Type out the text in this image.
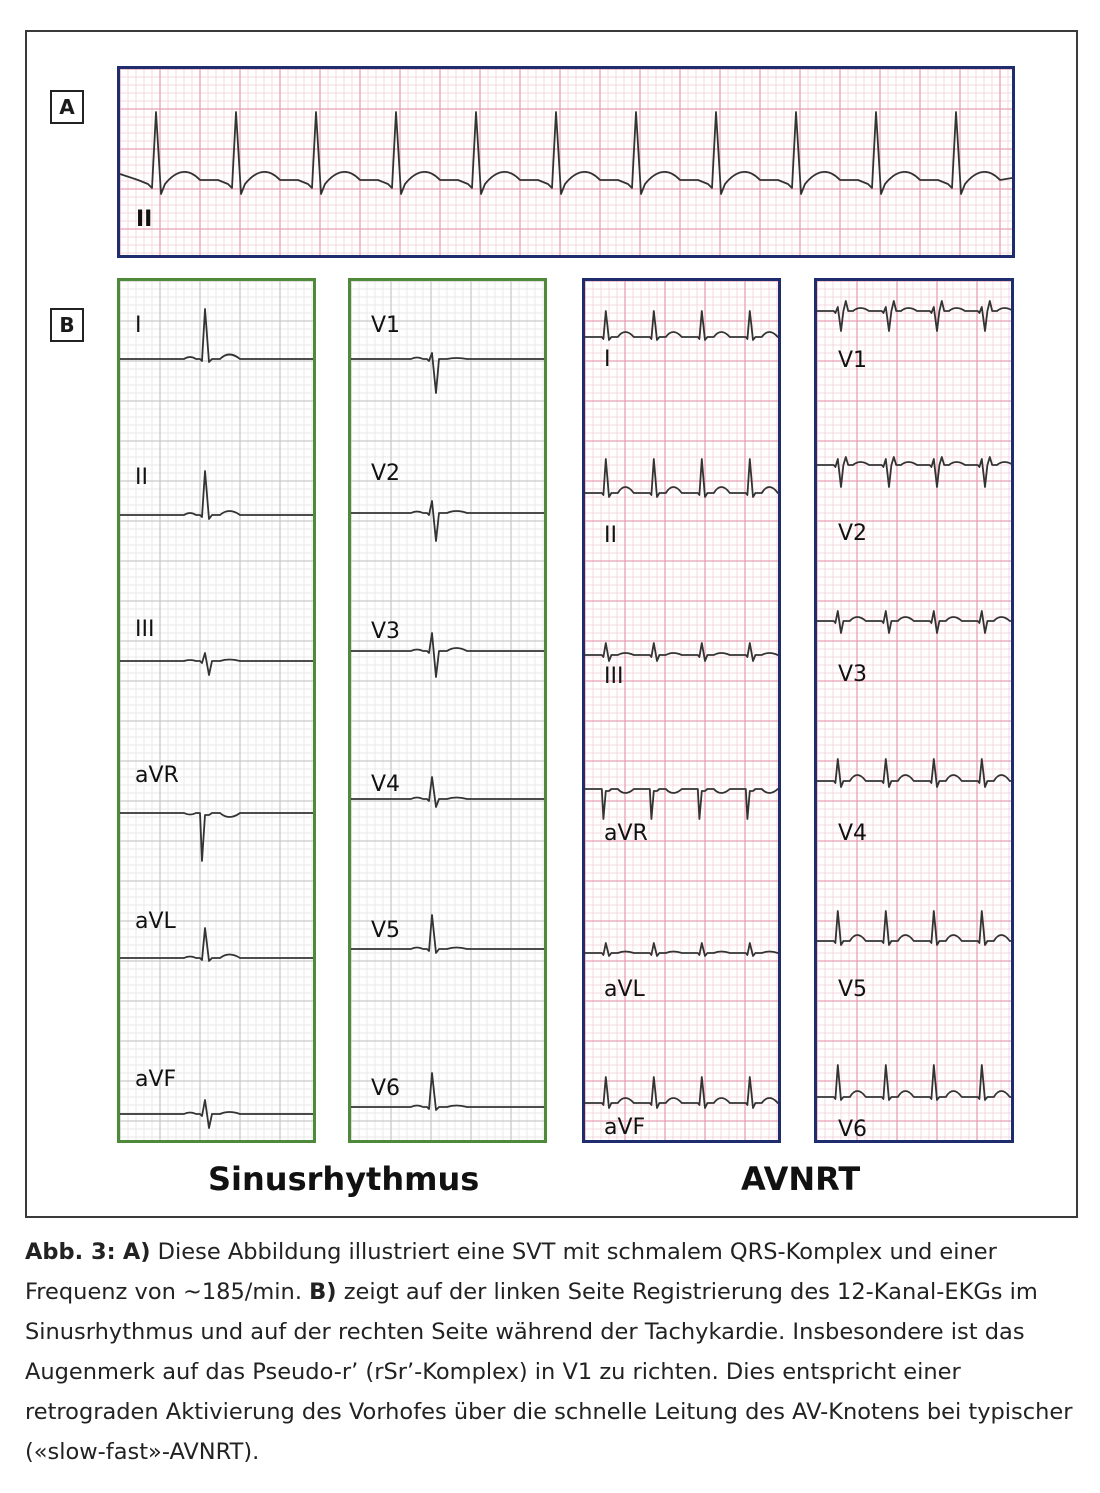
A
B
II
I
II
III
aVR
aVL
aVF
V1
V2
V3
V4
V5
V6
I
II
III
aVR
aVL
aVF
V1
V2
V3
V4
V5
V6
Sinusrhythmus	AVNRT
Abb. 3: A) Diese Abbildung illustriert eine SVT mit schmalem QRS-Komplex und einer Frequenz von ~185/min. B) zeigt auf der linken Seite Registrierung des 12-Kanal-EKGs im Sinusrhythmus und auf der rechten Seite während der Tachykardie. Insbesondere ist das Augenmerk auf das Pseudo-r’ (rSr’-Komplex) in V1 zu richten. Dies entspricht einer retrograden Aktivierung des Vorhofes über die schnelle Leitung des AV-Knotens bei typischer («slow-fast»-AVNRT).
